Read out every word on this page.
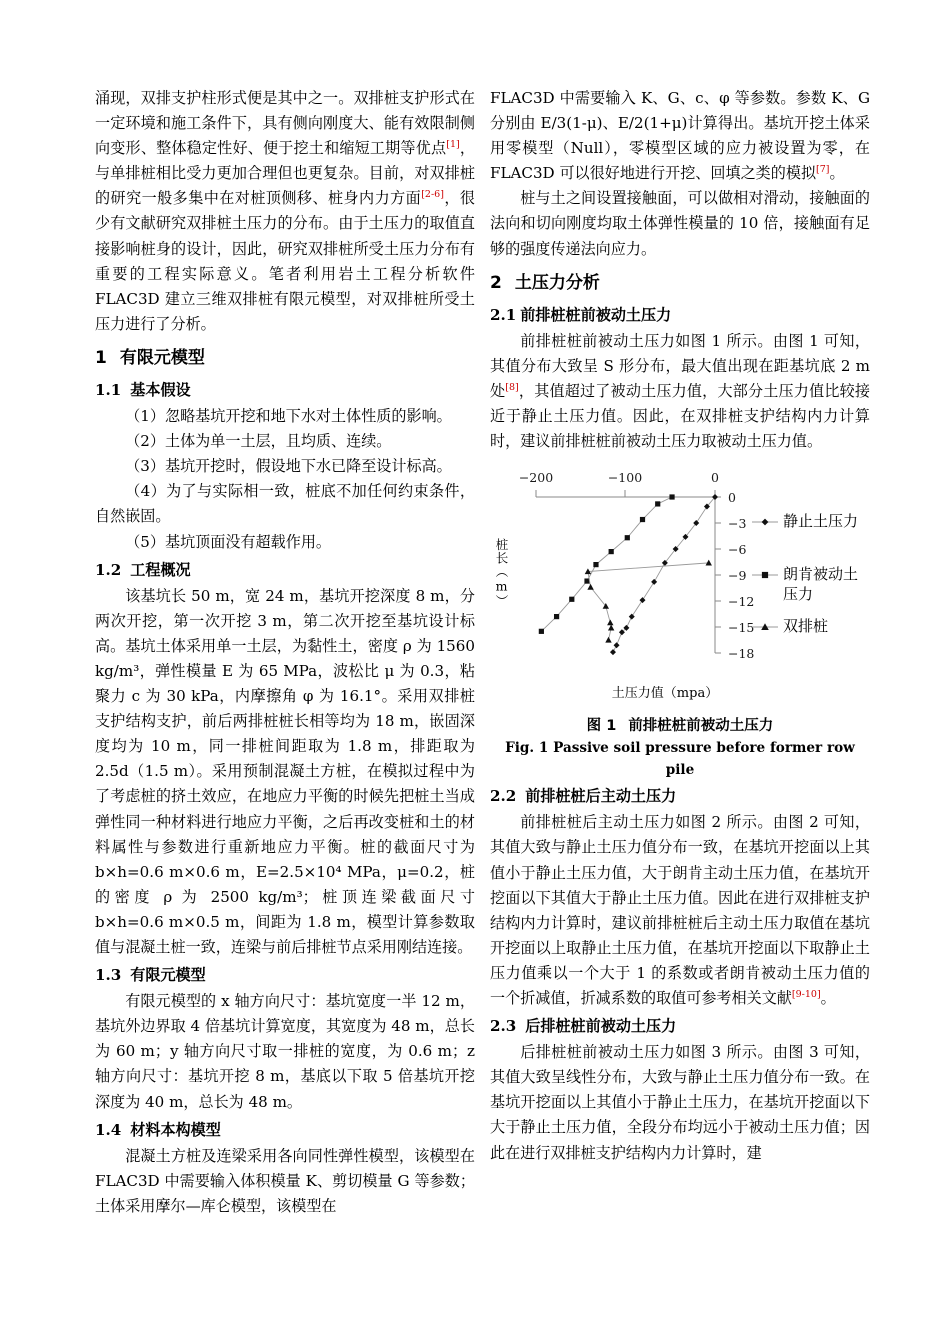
涌现，双排支护柱形式便是其中之一。双排桩支护形式在一定环境和施工条件下，具有侧向刚度大、能有效限制侧向变形、整体稳定性好、便于挖土和缩短工期等优点[1]，与单排桩相比受力更加合理但也更复杂。目前，对双排桩的研究一般多集中在对桩顶侧移、桩身内力方面[2-6]，很少有文献研究双排桩土压力的分布。由于土压力的取值直接影响桩身的设计，因此，研究双排桩所受土压力分布有重要的工程实际意义。笔者利用岩土工程分析软件 FLAC3D 建立三维双排桩有限元模型，对双排桩所受土压力进行了分析。

1 有限元模型
1.1 基本假设

（1）忽略基坑开挖和地下水对土体性质的影响。

（2）土体为单一土层，且均质、连续。

（3）基坑开挖时，假设地下水已降至设计标高。

（4）为了与实际相一致，桩底不加任何约束条件，自然嵌固。

（5）基坑顶面没有超载作用。

1.2 工程概况

该基坑长 50 m，宽 24 m，基坑开挖深度 8 m，分两次开挖，第一次开挖 3 m，第二次开挖至基坑设计标高。基坑土体采用单一土层，为黏性土，密度 ρ 为 1560 kg/m³，弹性模量 E 为 65 MPa，波松比 μ 为 0.3，粘聚力 c 为 30 kPa，内摩擦角 φ 为 16.1°。采用双排桩支护结构支护，前后两排桩桩长相等均为 18 m，嵌固深度均为 10 m，同一排桩间距取为 1.8 m，排距取为 2.5d（1.5 m）。采用预制混凝土方桩，在模拟过程中为了考虑桩的挤土效应，在地应力平衡的时候先把桩土当成弹性同一种材料进行地应力平衡，之后再改变桩和土的材料属性与参数进行重新地应力平衡。桩的截面尺寸为 b×h=0.6 m×0.6 m，E=2.5×10⁴ MPa，μ=0.2，桩的密度 ρ 为 2500 kg/m³；桩顶连梁截面尺寸 b×h=0.6 m×0.5 m，间距为 1.8 m，模型计算参数取值与混凝土桩一致，连梁与前后排桩节点采用刚结连接。

1.3 有限元模型

有限元模型的 x 轴方向尺寸：基坑宽度一半 12 m，基坑外边界取 4 倍基坑计算宽度，其宽度为 48 m，总长为 60 m；y 轴方向尺寸取一排桩的宽度，为 0.6 m；z 轴方向尺寸：基坑开挖 8 m，基底以下取 5 倍基坑开挖深度为 40 m，总长为 48 m。

1.4 材料本构模型

混凝土方桩及连梁采用各向同性弹性模型，该模型在 FLAC3D 中需要输入体积模量 K、剪切模量 G 等参数；土体采用摩尔—库仑模型，该模型在

FLAC3D 中需要输入 K、G、c、φ 等参数。参数 K、G 分别由 E/3(1-μ)、E/2(1+μ)计算得出。基坑开挖土体采用零模型（Null），零模型区域的应力被设置为零，在 FLAC3D 可以很好地进行开挖、回填之类的模拟[7]。

桩与土之间设置接触面，可以做相对滑动，接触面的法向和切向刚度均取土体弹性模量的 10 倍，接触面有足够的强度传递法向应力。

2 土压力分析
2.1 前排桩桩前被动土压力

前排桩桩前被动土压力如图 1 所示。由图 1 可知，其值分布大致呈 S 形分布，最大值出现在距基坑底 2 m 处[8]，其值超过了被动土压力值，大部分土压力值比较接近于静止土压力值。因此，在双排桩支护结构内力计算时，建议前排桩桩前被动土压力取被动土压力值。

桩长（m）
土压力值（mpa）
−200	−100	0
0
−3
−6
−9
−12
−15
−18
静止土压力
朗肯被动土压力
双排桩
图 1 前排桩桩前被动土压力
Fig. 1 Passive soil pressure before former row pile
2.2 前排桩桩后主动土压力

前排桩桩后主动土压力如图 2 所示。由图 2 可知，其值大致与静止土压力值分布一致，在基坑开挖面以上其值小于静止土压力值，大于朗肯主动土压力值，在基坑开挖面以下其值大于静止土压力值。因此在进行双排桩支护结构内力计算时，建议前排桩桩后主动土压力取值在基坑开挖面以上取静止土压力值，在基坑开挖面以下取静止土压力值乘以一个大于 1 的系数或者朗肯被动土压力值的一个折减值，折减系数的取值可参考相关文献[9-10]。

2.3 后排桩桩前被动土压力

后排桩桩前被动土压力如图 3 所示。由图 3 可知，其值大致呈线性分布，大致与静止土压力值分布一致。在基坑开挖面以上其值小于静止土压力，在基坑开挖面以下大于静止土压力值，全段分布均远小于被动土压力值；因此在进行双排桩支护结构内力计算时，建
